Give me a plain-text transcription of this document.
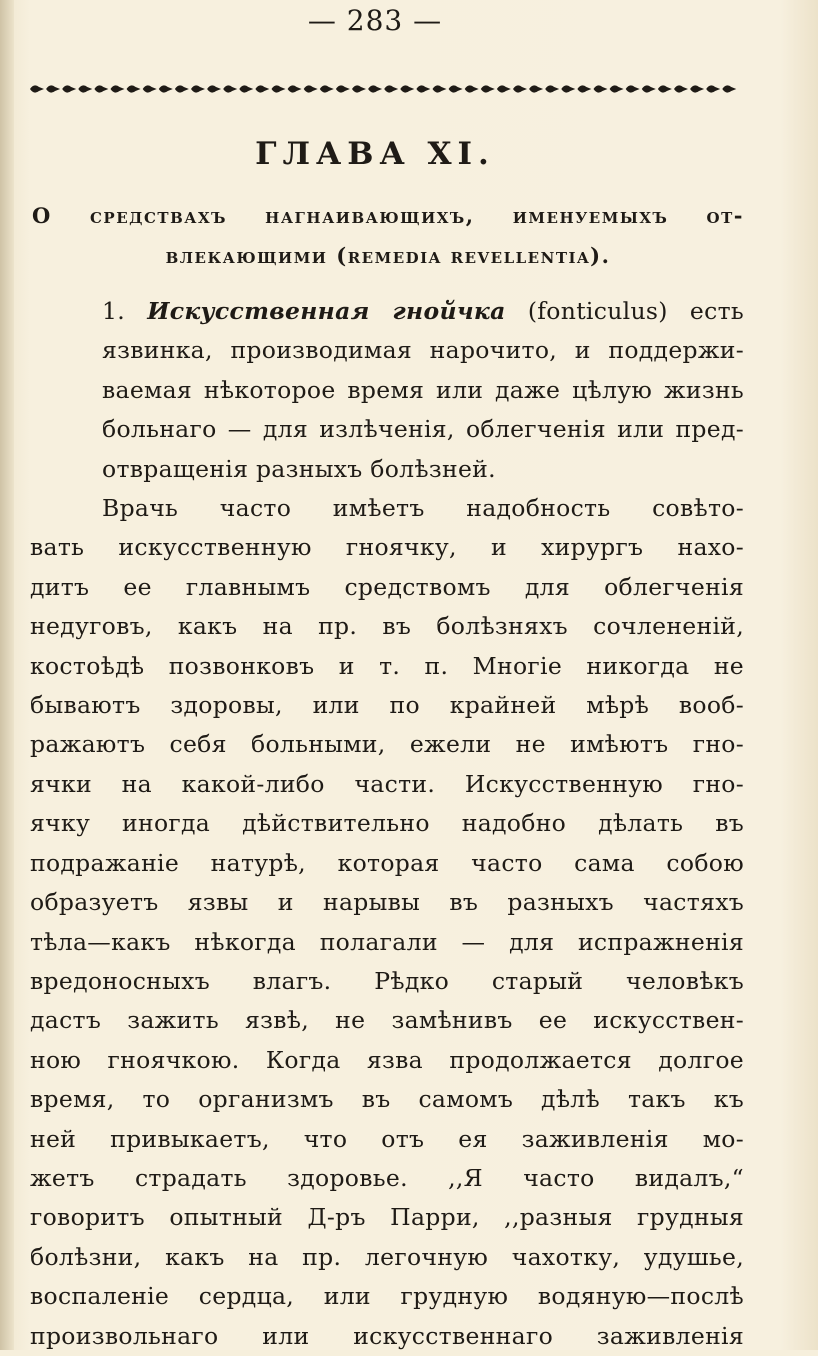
— 283 —
ГЛАВА XI.
О средствахъ нагнаивающихъ, именуемыхъ от-
влекающими (remedia revellentia).

1. Искусственная гнойчка (fonticulus) есть
язвинка, производимая нарочито, и поддержи-
ваемая нѣкоторое время или даже цѣлую жизнь
больнаго — для излѣченія, облегченія или пред-
отвращенія разныхъ болѣзней.

Врачь часто имѣетъ надобность совѣто-
вать искусственную гноячку, и хирургъ нахо-
дитъ ее главнымъ средствомъ для облегченія
недуговъ, какъ на пр. въ болѣзняхъ сочлененій,
костоѣдѣ позвонковъ и т. п. Многіе никогда не
бываютъ здоровы, или по крайней мѣрѣ вооб-
ражаютъ себя больными, ежели не имѣютъ гно-
ячки на какой-либо части. Искусственную гно-
ячку иногда дѣйствительно надобно дѣлать въ
подражаніе натурѣ, которая часто сама собою
образуетъ язвы и нарывы въ разныхъ частяхъ
тѣла—какъ нѣкогда полагали — для испражненія
вредоносныхъ влагъ. Рѣдко старый человѣкъ
дастъ зажить язвѣ, не замѣнивъ ее искусствен-
ною гноячкою. Когда язва продолжается долгое
время, то организмъ въ самомъ дѣлѣ такъ къ
ней привыкаетъ, что отъ ея заживленія мо-
жетъ страдать здоровье. ,,Я часто видалъ,“
говоритъ опытный Д-ръ Парри, ,,разныя грудныя
болѣзни, какъ на пр. легочную чахотку, удушье,
воспаленіе сердца, или грудную водяную—послѣ
произвольнаго или искусственнаго заживленія
